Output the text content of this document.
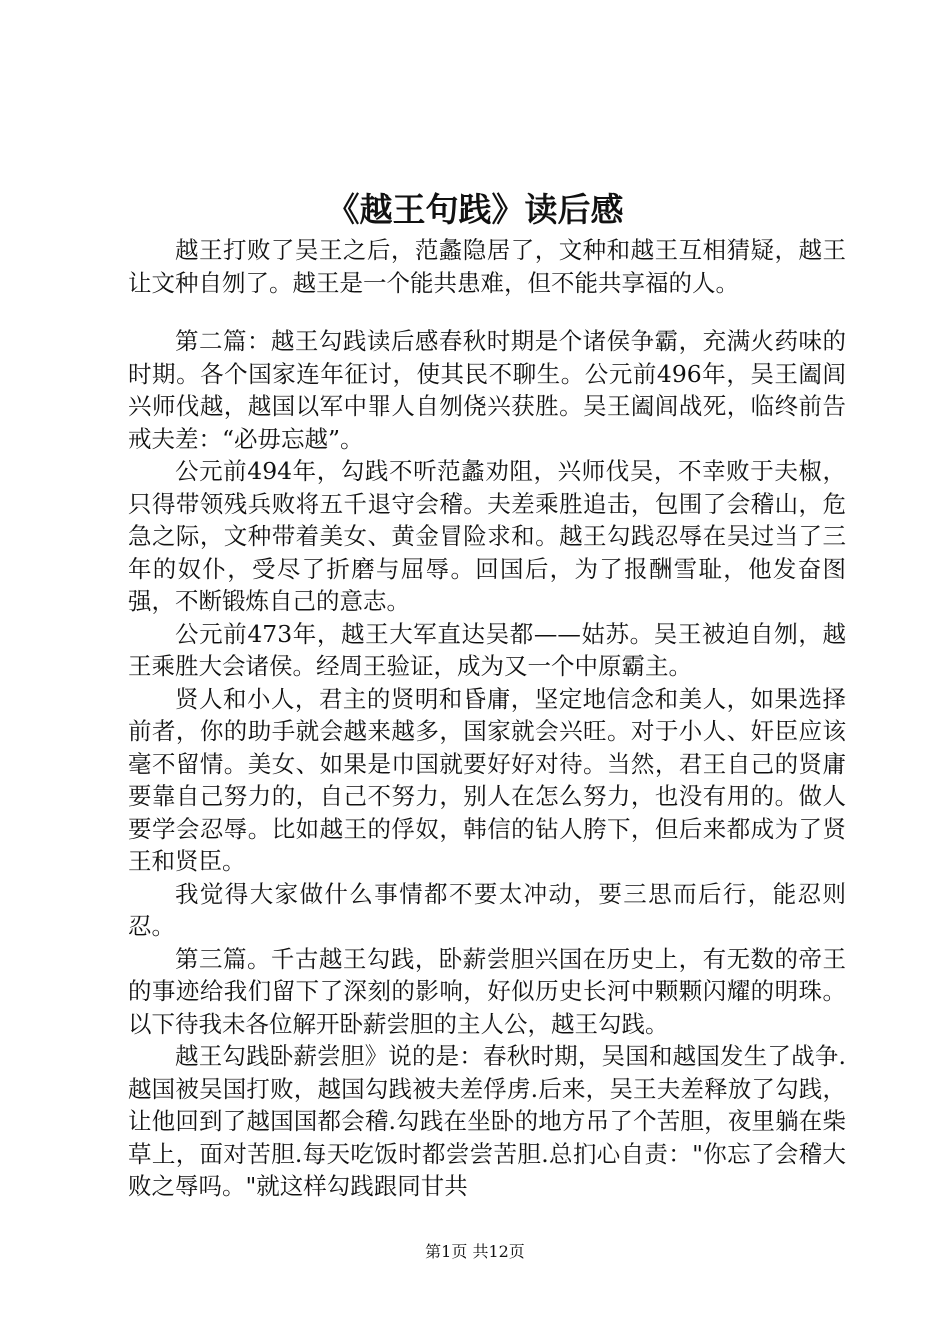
《越王句践》读后感

越王打败了吴王之后，范蠡隐居了，文种和越王互相猜疑，越王让文种自刎了。越王是一个能共患难，但不能共享福的人。

第二篇：越王勾践读后感春秋时期是个诸侯争霸，充满火药味的时期。各个国家连年征讨，使其民不聊生。公元前496年，吴王阖闾兴师伐越，越国以军中罪人自刎侥兴获胜。吴王阖闾战死，临终前告戒夫差：“必毋忘越”。

公元前494年，勾践不听范蠡劝阻，兴师伐吴，不幸败于夫椒，只得带领残兵败将五千退守会稽。夫差乘胜追击，包围了会稽山，危急之际，文种带着美女、黄金冒险求和。越王勾践忍辱在吴过当了三年的奴仆，受尽了折磨与屈辱。回国后，为了报酬雪耻，他发奋图强，不断锻炼自己的意志。

公元前473年，越王大军直达吴都——姑苏。吴王被迫自刎，越王乘胜大会诸侯。经周王验证，成为又一个中原霸主。

贤人和小人，君主的贤明和昏庸，坚定地信念和美人，如果选择前者，你的助手就会越来越多，国家就会兴旺。对于小人、奸臣应该毫不留情。美女、如果是巾国就要好好对待。当然，君王自己的贤庸要靠自己努力的，自己不努力，别人在怎么努力，也没有用的。做人要学会忍辱。比如越王的俘奴，韩信的钻人胯下，但后来都成为了贤王和贤臣。

我觉得大家做什么事情都不要太冲动，要三思而后行，能忍则忍。

第三篇。千古越王勾践，卧薪尝胆兴国在历史上，有无数的帝王的事迹给我们留下了深刻的影响，好似历史长河中颗颗闪耀的明珠。以下待我未各位解开卧薪尝胆的主人公，越王勾践。

越王勾践卧薪尝胆》说的是：春秋时期，吴国和越国发生了战争.越国被吴国打败，越国勾践被夫差俘虏.后来，吴王夫差释放了勾践，让他回到了越国国都会稽.勾践在坐卧的地方吊了个苦胆，夜里躺在柴草上，面对苦胆.每天吃饭时都尝尝苦胆.总扪心自责："你忘了会稽大败之辱吗。"就这样勾践跟同甘共

第1页 共12页
